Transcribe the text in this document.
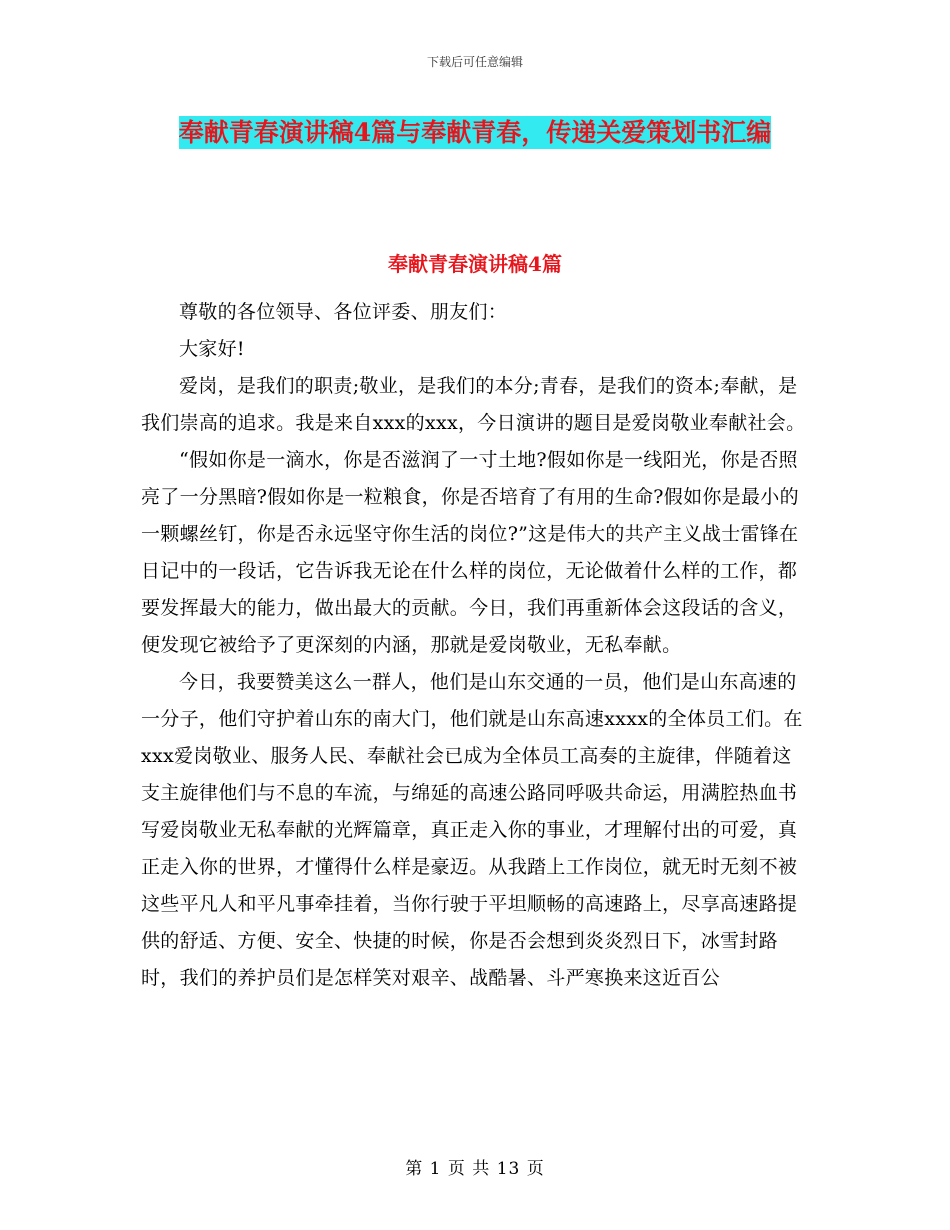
下载后可任意编辑
奉献青春演讲稿4篇与奉献青春，传递关爱策划书汇编
奉献青春演讲稿4篇

尊敬的各位领导、各位评委、朋友们：

大家好!

爱岗，是我们的职责;敬业，是我们的本分;青春，是我们的资本;奉献，是我们崇高的追求。我是来自xxx的xxx，今日演讲的题目是爱岗敬业奉献社会。

“假如你是一滴水，你是否滋润了一寸土地?假如你是一线阳光，你是否照亮了一分黑暗?假如你是一粒粮食，你是否培育了有用的生命?假如你是最小的一颗螺丝钉，你是否永远坚守你生活的岗位?”这是伟大的共产主义战士雷锋在日记中的一段话，它告诉我无论在什么样的岗位，无论做着什么样的工作，都要发挥最大的能力，做出最大的贡献。今日，我们再重新体会这段话的含义，便发现它被给予了更深刻的内涵，那就是爱岗敬业，无私奉献。

今日，我要赞美这么一群人，他们是山东交通的一员，他们是山东高速的一分子，他们守护着山东的南大门，他们就是山东高速xxxx的全体员工们。在xxx爱岗敬业、服务人民、奉献社会已成为全体员工高奏的主旋律，伴随着这支主旋律他们与不息的车流，与绵延的高速公路同呼吸共命运，用满腔热血书写爱岗敬业无私奉献的光辉篇章，真正走入你的事业，才理解付出的可爱，真正走入你的世界，才懂得什么样是豪迈。从我踏上工作岗位，就无时无刻不被这些平凡人和平凡事牵挂着，当你行驶于平坦顺畅的高速路上，尽享高速路提供的舒适、方便、安全、快捷的时候，你是否会想到炎炎烈日下，冰雪封路时，我们的养护员们是怎样笑对艰辛、战酷暑、斗严寒换来这近百公

第 1 页 共 13 页
